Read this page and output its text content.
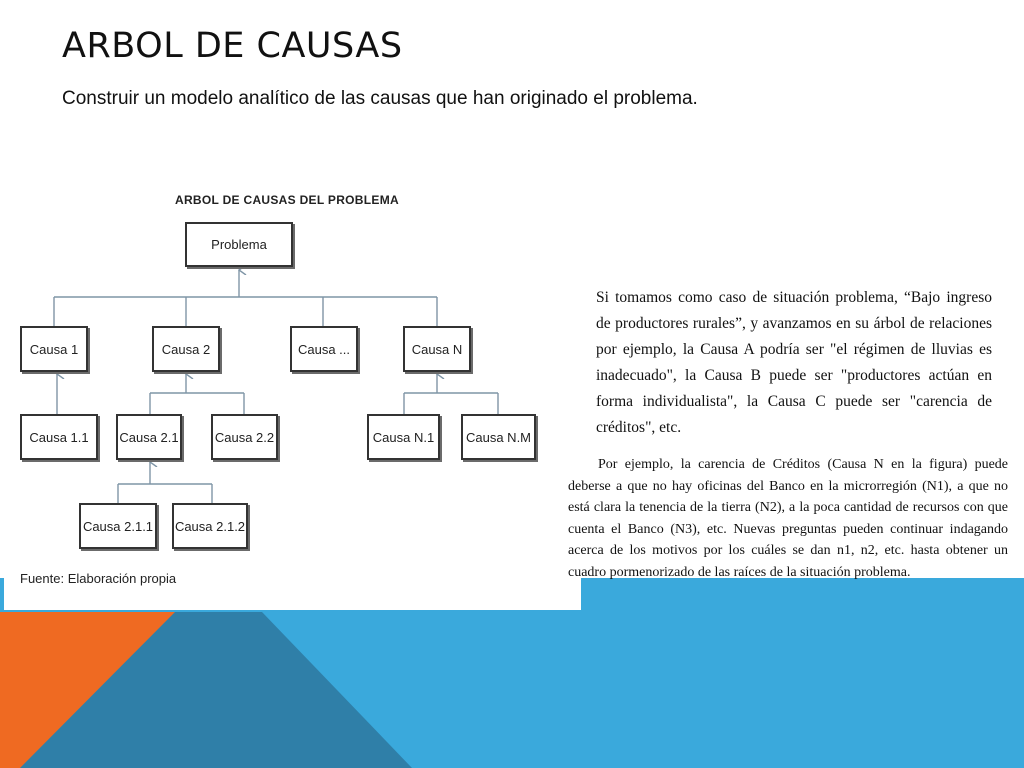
ARBOL DE CAUSAS
Construir un modelo analítico de las causas que han originado el problema.
ARBOL DE CAUSAS DEL PROBLEMA
Problema
Causa 1	Causa 2	Causa ...	Causa N
Causa 1.1	Causa 2.1	Causa 2.2	Causa N.1	Causa N.M
Causa 2.1.1	Causa 2.1.2
Fuente: Elaboración propia
Si tomamos como caso de situación problema, “Bajo ingreso de productores rurales”, y avanzamos en su árbol de relaciones por ejemplo, la Causa A podría ser "el régimen de lluvias es inadecuado", la Causa B puede ser "productores actúan en forma individualista", la Causa C puede ser "carencia de créditos", etc.
Por ejemplo, la carencia de Créditos (Causa N en la figura) puede deberse a que no hay oficinas del Banco en la microrregión (N1), a que no está clara la tenencia de la tierra (N2), a la poca cantidad de recursos con que cuenta el Banco (N3), etc. Nuevas preguntas pueden continuar indagando acerca de los motivos por los cuáles se dan n1, n2, etc. hasta obtener un cuadro pormenorizado de las raíces de la situación problema.
